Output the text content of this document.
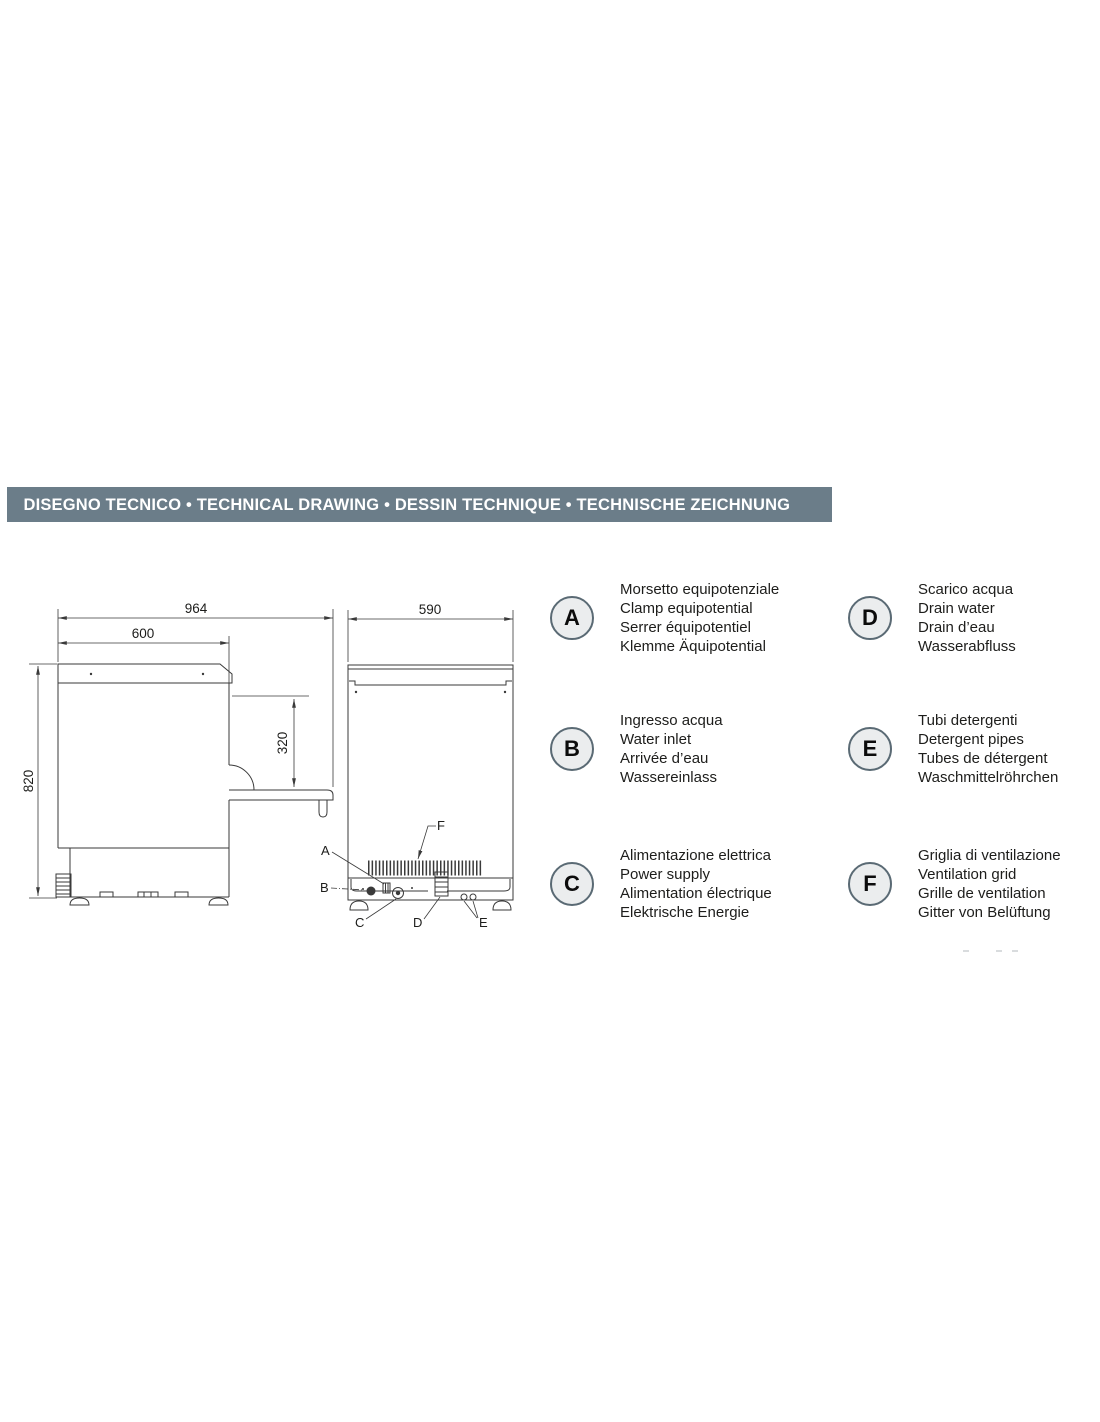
DISEGNO TECNICO • TECHNICAL DRAWING • DESSIN TECHNIQUE • TECHNISCHE ZEICHNUNG
964
600
820
320
590
F
A
B
C	D	E
A
Morsetto equipotenziale
Clamp equipotential
Serrer équipotentiel
Klemme Äquipotential
B
Ingresso acqua
Water inlet
Arrivée d’eau
Wassereinlass
C
Alimentazione elettrica
Power supply
Alimentation électrique
Elektrische Energie
D
Scarico acqua
Drain water
Drain d’eau
Wasserabfluss
E
Tubi detergenti
Detergent pipes
Tubes de détergent
Waschmittelröhrchen
F
Griglia di ventilazione
Ventilation grid
Grille de ventilation
Gitter von Belüftung
